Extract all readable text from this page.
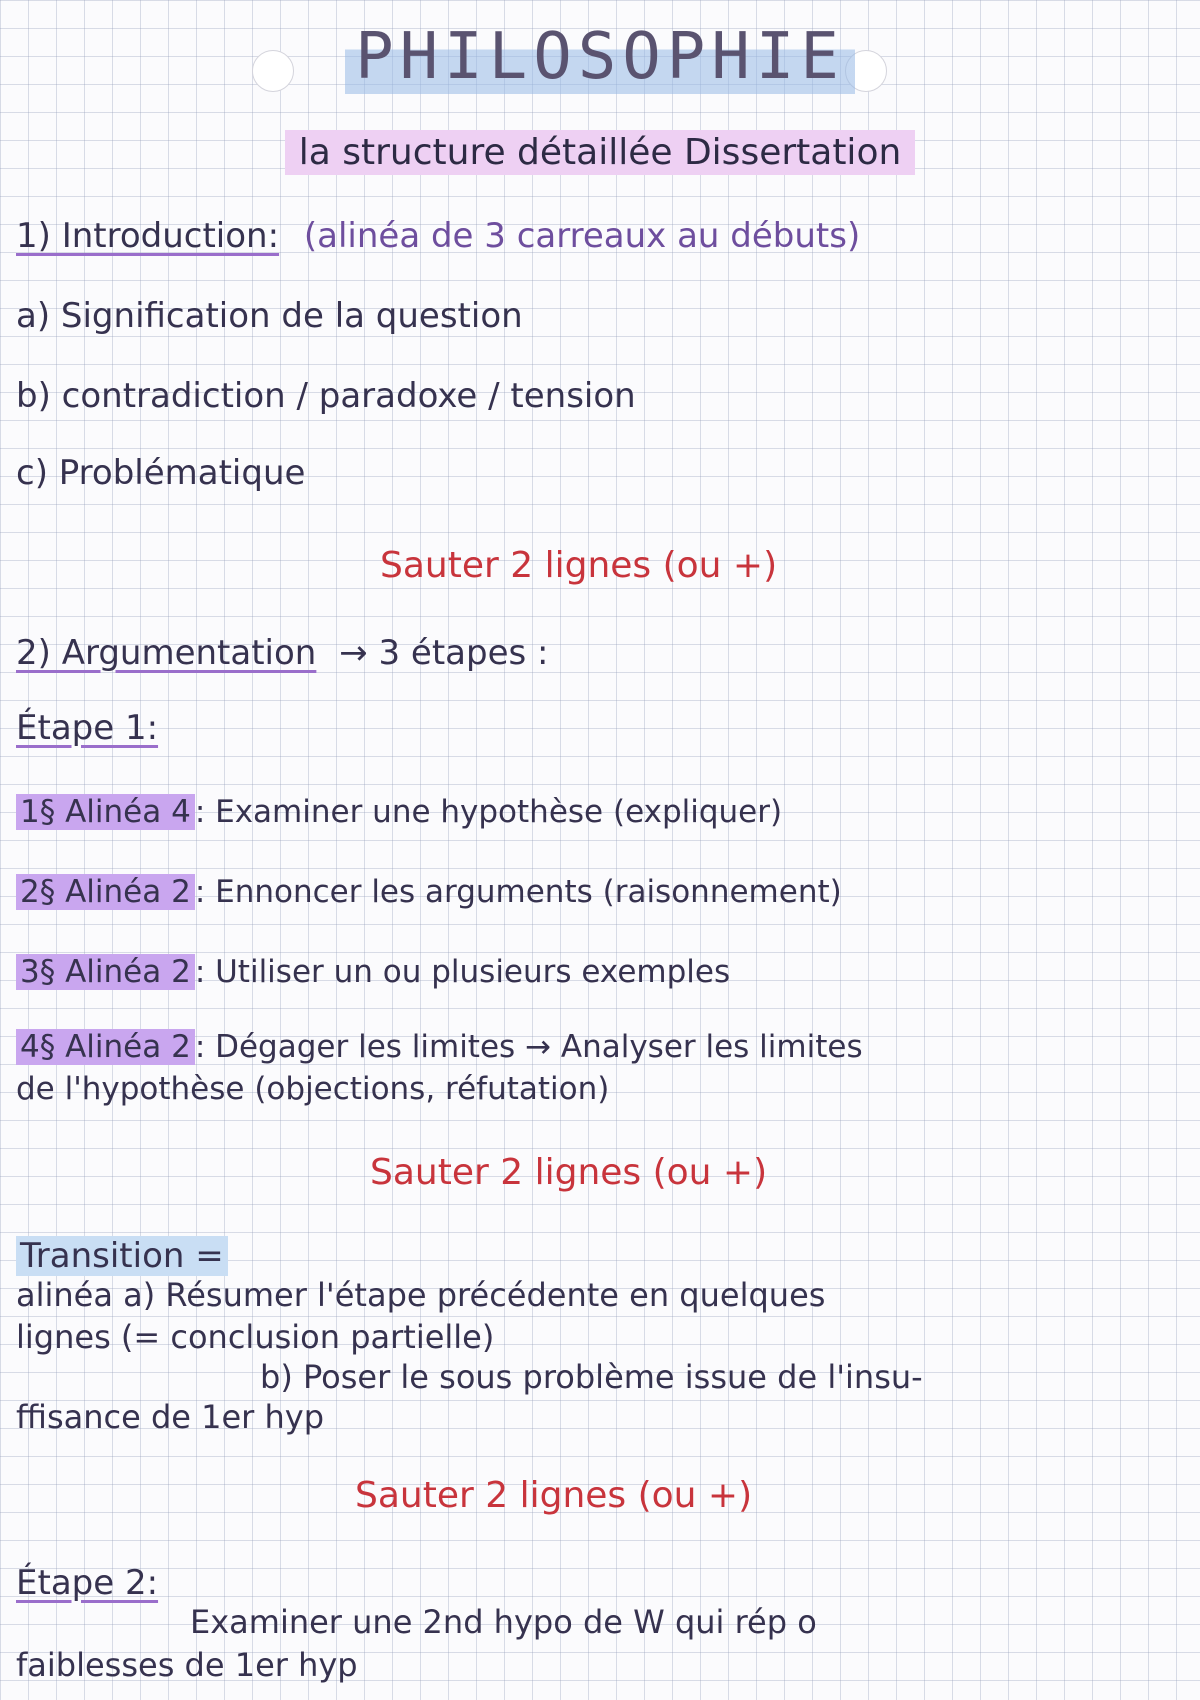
PHILOSOPHIE
la structure détaillée Dissertation
1) Introduction: (alinéa de 3 carreaux au débuts)
a) Signification de la question
b) contradiction / paradoxe / tension
c) Problématique
Sauter 2 lignes (ou +)
2) Argumentation → 3 étapes :
Étape 1:
1§ Alinéa 4 : Examiner une hypothèse (expliquer)
2§ Alinéa 2 : Ennoncer les arguments (raisonnement)
3§ Alinéa 2 : Utiliser un ou plusieurs exemples
4§ Alinéa 2 : Dégager les limites → Analyser les limites
de l'hypothèse (objections, réfutation)
Sauter 2 lignes (ou +)
Transition =
alinéa a) Résumer l'étape précédente en quelques
lignes (= conclusion partielle)
b) Poser le sous problème issue de l'insu-
ffisance de 1er hyp
Sauter 2 lignes (ou +)
Étape 2:
Examiner une 2nd hypo de W qui rép o
faiblesses de 1er hyp
